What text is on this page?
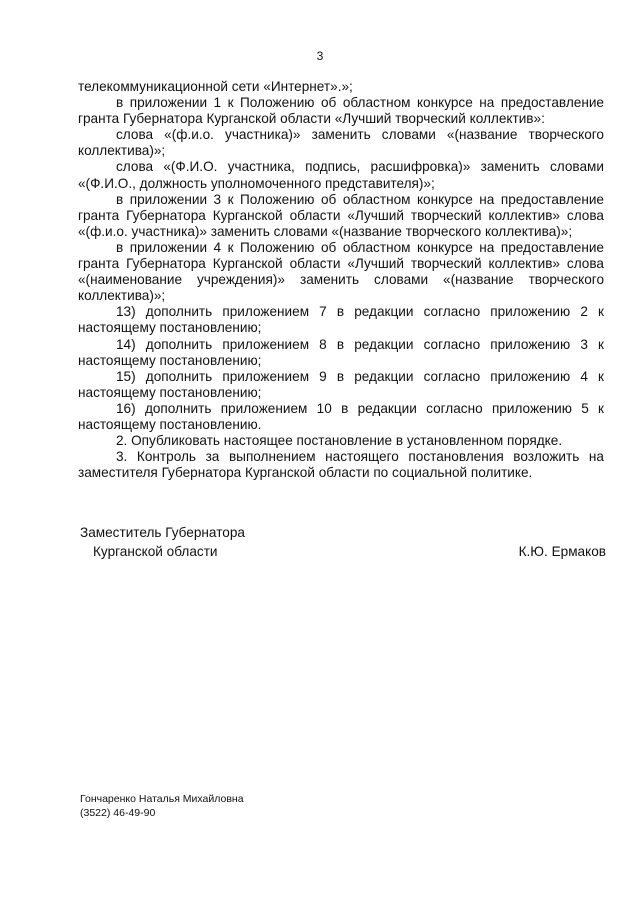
3

телекоммуникационной сети «Интернет».»;

в приложении 1 к Положению об областном конкурсе на предоставление гранта Губернатора Курганской области «Лучший творческий коллектив»:

слова «(ф.и.о. участника)» заменить словами «(название творческого коллектива)»;

слова «(Ф.И.О. участника, подпись, расшифровка)» заменить словами «(Ф.И.О., должность уполномоченного представителя)»;

в приложении 3 к Положению об областном конкурсе на предоставление гранта Губернатора Курганской области «Лучший творческий коллектив» слова «(ф.и.о. участника)» заменить словами «(название творческого коллектива)»;

в приложении 4 к Положению об областном конкурсе на предоставление гранта Губернатора Курганской области «Лучший творческий коллектив» слова «(наименование учреждения)» заменить словами «(название творческого коллектива)»;

13) дополнить приложением 7 в редакции согласно приложению 2 к настоящему постановлению;

14) дополнить приложением 8 в редакции согласно приложению 3 к настоящему постановлению;

15) дополнить приложением 9 в редакции согласно приложению 4 к настоящему постановлению;

16) дополнить приложением 10 в редакции согласно приложению 5 к настоящему постановлению.

2. Опубликовать настоящее постановление в установленном порядке.

3. Контроль за выполнением настоящего постановления возложить на заместителя Губернатора Курганской области по социальной политике.

Заместитель Губернатора
Курганской области	К.Ю. Ермаков
Гончаренко Наталья Михайловна
(3522) 46-49-90
